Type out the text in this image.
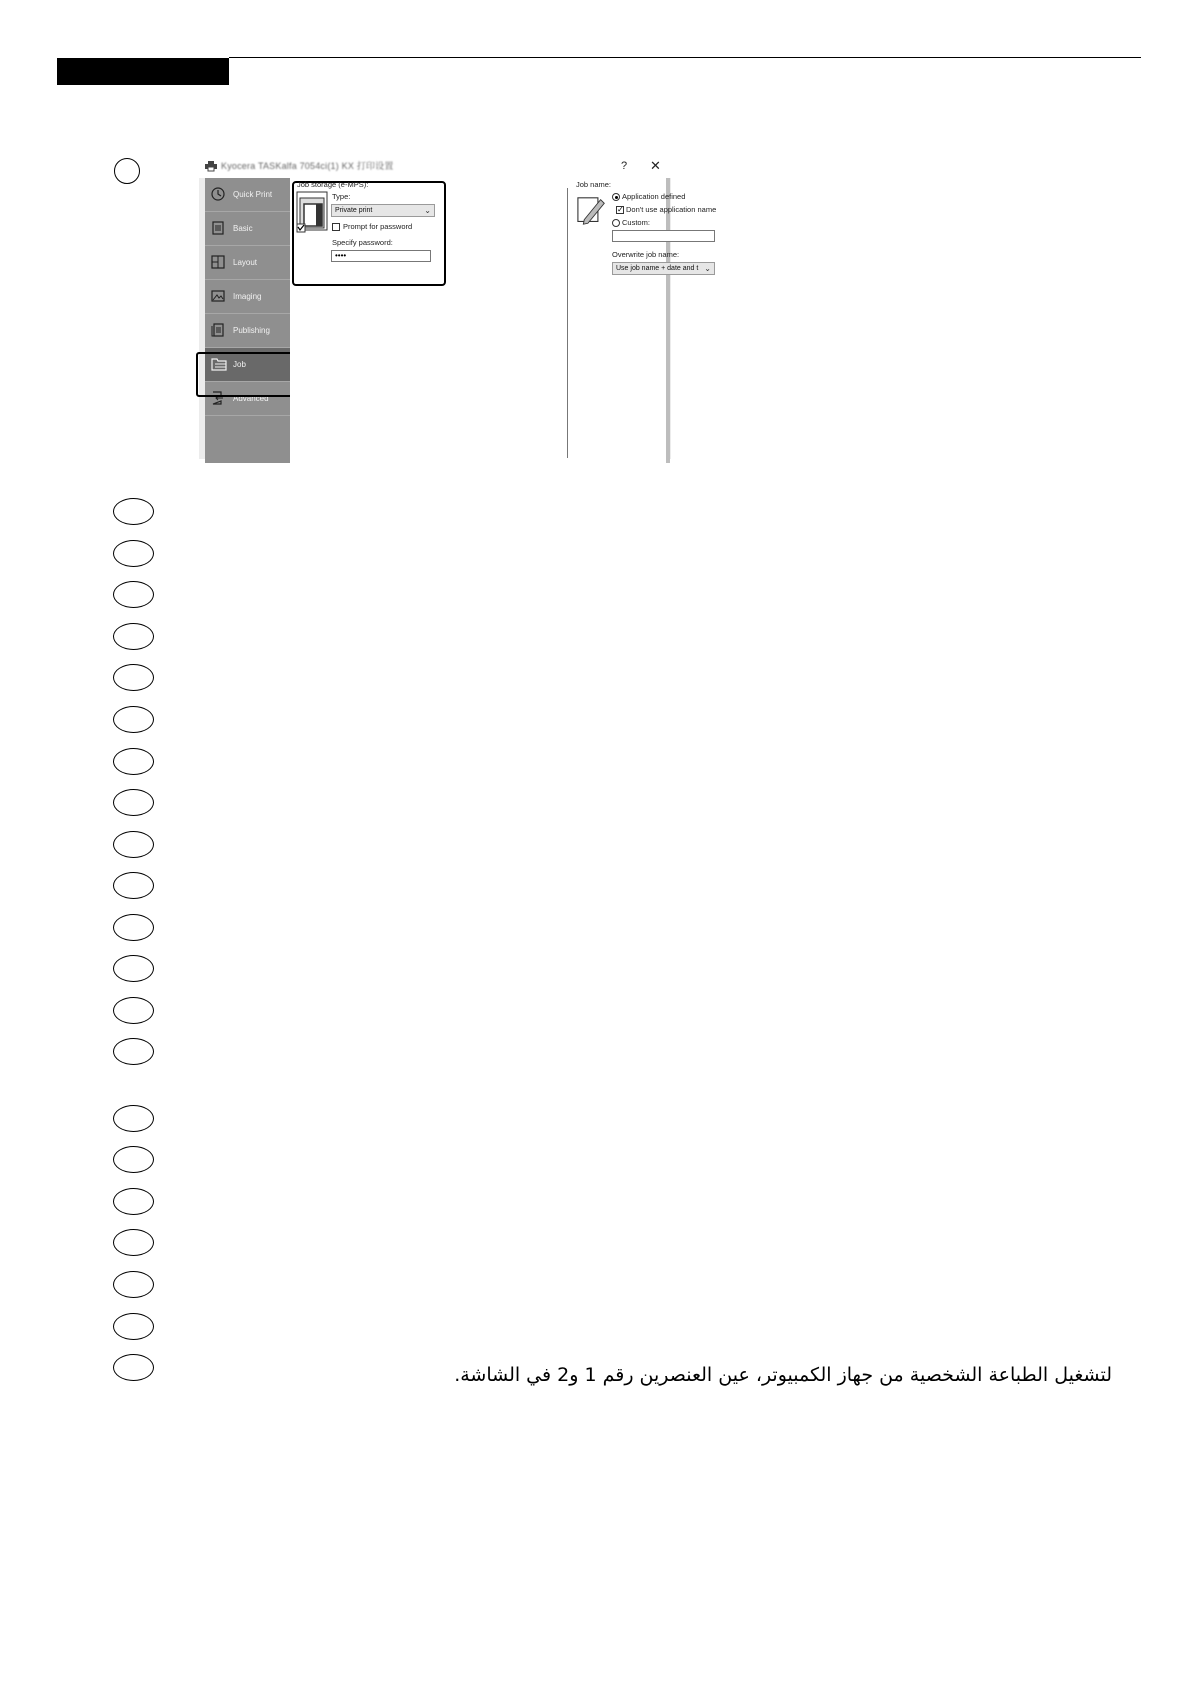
Kyocera TASKalfa 7054ci(1) KX 打印设置	? ✕
Quick Print
Basic
Layout
Imaging
Publishing
Job
Advanced
Job storage (e-MPS):
Type:
Private print	⌄
Prompt for password
Specify password:
••••
Job name:
Application defined
✓ Don't use application name
Custom:
Overwrite job name:
Use job name + date and t ⌄
لتشغيل الطباعة الشخصية من جهاز الكمبيوتر، عين العنصرين رقم 1 و2 في الشاشة.
